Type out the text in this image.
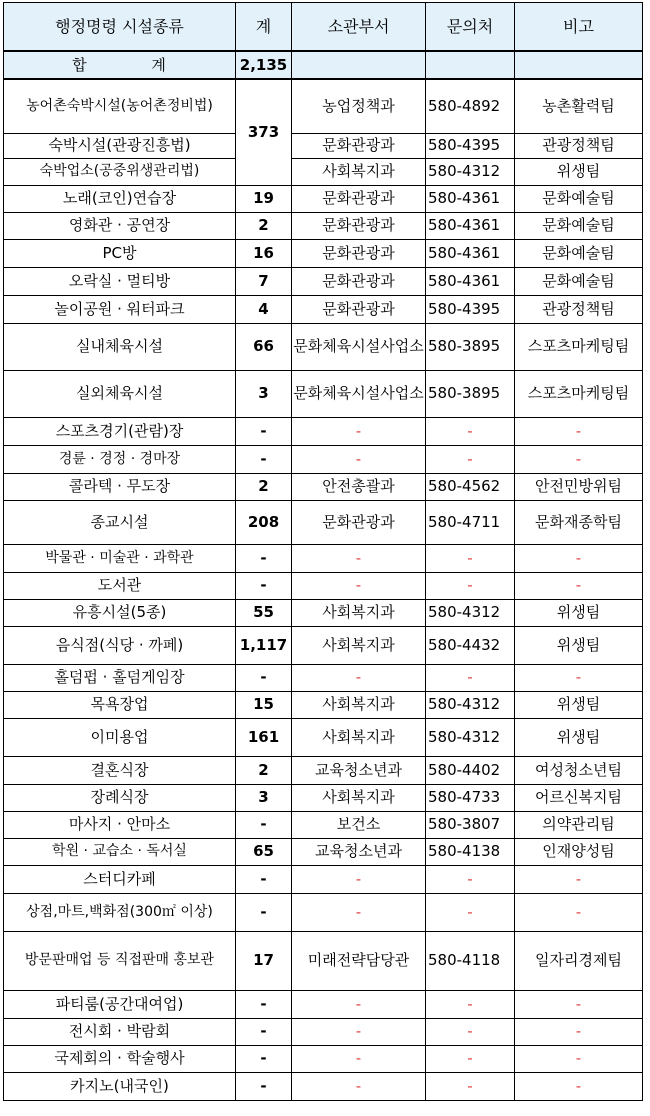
행정명령 시설종류	계	소관부서	문의처	비고
합 계	2,135			
농어촌숙박시설(농어촌정비법)	373	농업정책과	580-4892	농촌활력팀
숙박시설(관광진흥법)		문화관광과	580-4395	관광정책팀
숙박업소(공중위생관리법)		사회복지과	580-4312	위생팀
노래(코인)연습장	19	문화관광과	580-4361	문화예술팀
영화관 · 공연장	2	문화관광과	580-4361	문화예술팀
PC방	16	문화관광과	580-4361	문화예술팀
오락실 · 멀티방	7	문화관광과	580-4361	문화예술팀
놀이공원 · 워터파크	4	문화관광과	580-4395	관광정책팀
실내체육시설	66	문화체육시설사업소	580-3895	스포츠마케팅팀
실외체육시설	3	문화체육시설사업소	580-3895	스포츠마케팅팀
스포츠경기(관람)장	-	-	-	-
경륜 · 경정 · 경마장	-	-	-	-
콜라텍 · 무도장	2	안전총괄과	580-4562	안전민방위팀
종교시설	208	문화관광과	580-4711	문화재종학팀
박물관 · 미술관 · 과학관	-	-	-	-
도서관	-	-	-	-
유흥시설(5종)	55	사회복지과	580-4312	위생팀
음식점(식당 · 까페)	1,117	사회복지과	580-4432	위생팀
홀덤펍 · 홀덤게임장	-	-	-	-
목욕장업	15	사회복지과	580-4312	위생팀
이미용업	161	사회복지과	580-4312	위생팀
결혼식장	2	교육청소년과	580-4402	여성청소년팀
장례식장	3	사회복지과	580-4733	어르신복지팀
마사지 · 안마소	-	보건소	580-3807	의약관리팀
학원 · 교습소 · 독서실	65	교육청소년과	580-4138	인재양성팀
스터디카페	-	-	-	-
상점,마트,백화점(300㎡ 이상)	-	-	-	-
방문판매업 등 직접판매 홍보관	17	미래전략담당관	580-4118	일자리경제팀
파티룸(공간대여업)	-	-	-	-
전시회 · 박람회	-	-	-	-
국제회의 · 학술행사	-	-	-	-
카지노(내국인)	-	-	-	-
